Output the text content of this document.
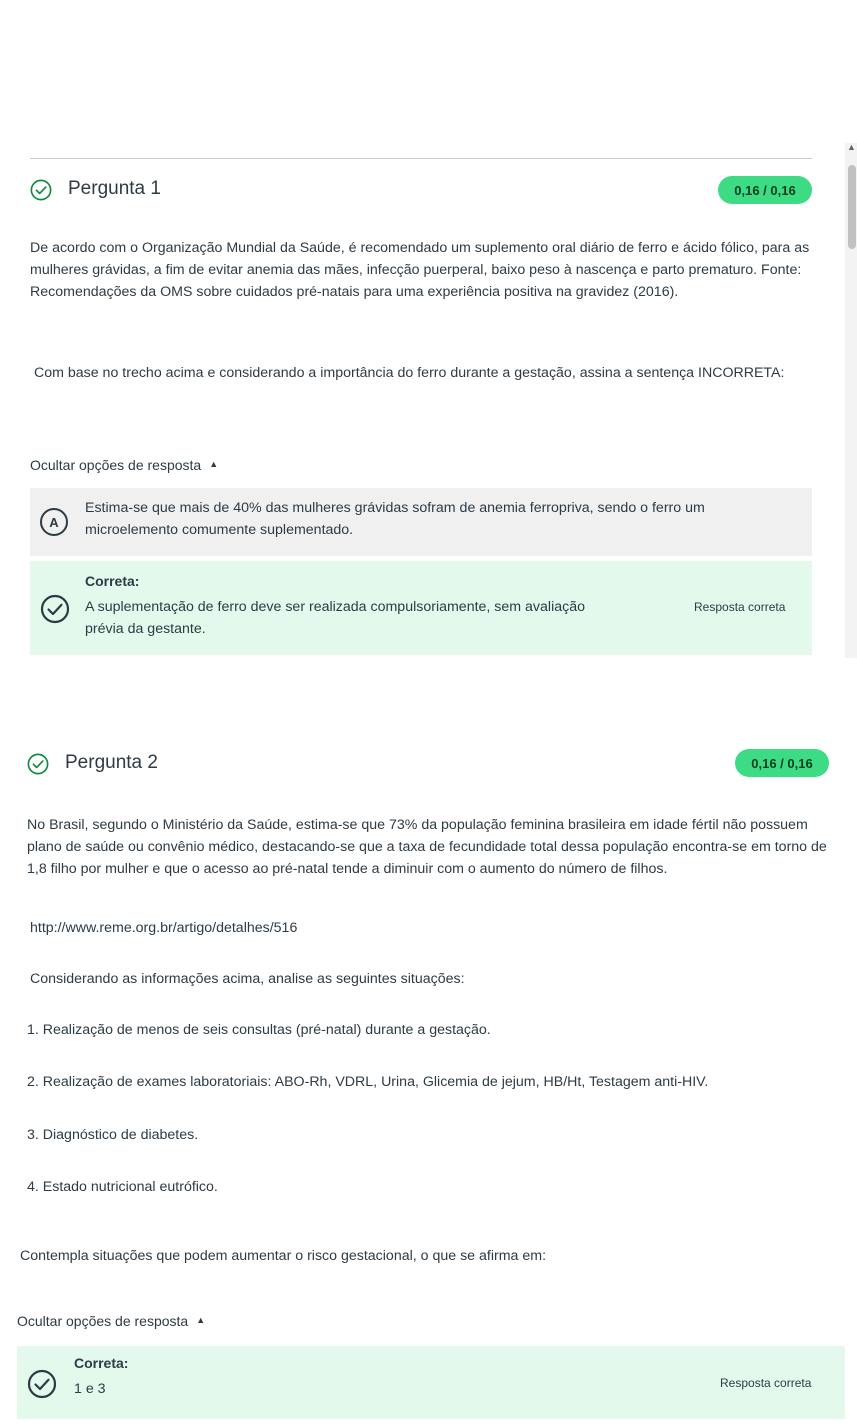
▲
Pergunta 1	0,16 / 0,16
De acordo com o Organização Mundial da Saúde, é recomendado um suplemento oral diário de ferro e ácido fólico, para as mulheres grávidas, a fim de evitar anemia das mães, infecção puerperal, baixo peso à nascença e parto prematuro. Fonte: Recomendações da OMS sobre cuidados pré-natais para uma experiência positiva na gravidez (2016).
Com base no trecho acima e considerando a importância do ferro durante a gestação, assina a sentença INCORRETA:
Ocultar opções de resposta ▲
A
Estima-se que mais de 40% das mulheres grávidas sofram de anemia ferropriva, sendo o ferro um microelemento comumente suplementado.
Correta:
A suplementação de ferro deve ser realizada compulsoriamente, sem avaliação prévia da gestante.
Resposta correta
Pergunta 2	0,16 / 0,16
No Brasil, segundo o Ministério da Saúde, estima-se que 73% da população feminina brasileira em idade fértil não possuem plano de saúde ou convênio médico, destacando-se que a taxa de fecundidade total dessa população encontra-se em torno de 1,8 filho por mulher e que o acesso ao pré-natal tende a diminuir com o aumento do número de filhos.
http://www.reme.org.br/artigo/detalhes/516
Considerando as informações acima, analise as seguintes situações:
1. Realização de menos de seis consultas (pré-natal) durante a gestação.
2. Realização de exames laboratoriais: ABO-Rh, VDRL, Urina, Glicemia de jejum, HB/Ht, Testagem anti-HIV.
3. Diagnóstico de diabetes.
4. Estado nutricional eutrófico.
Contempla situações que podem aumentar o risco gestacional, o que se afirma em:
Ocultar opções de resposta ▲
Correta:
1 e 3	Resposta correta
